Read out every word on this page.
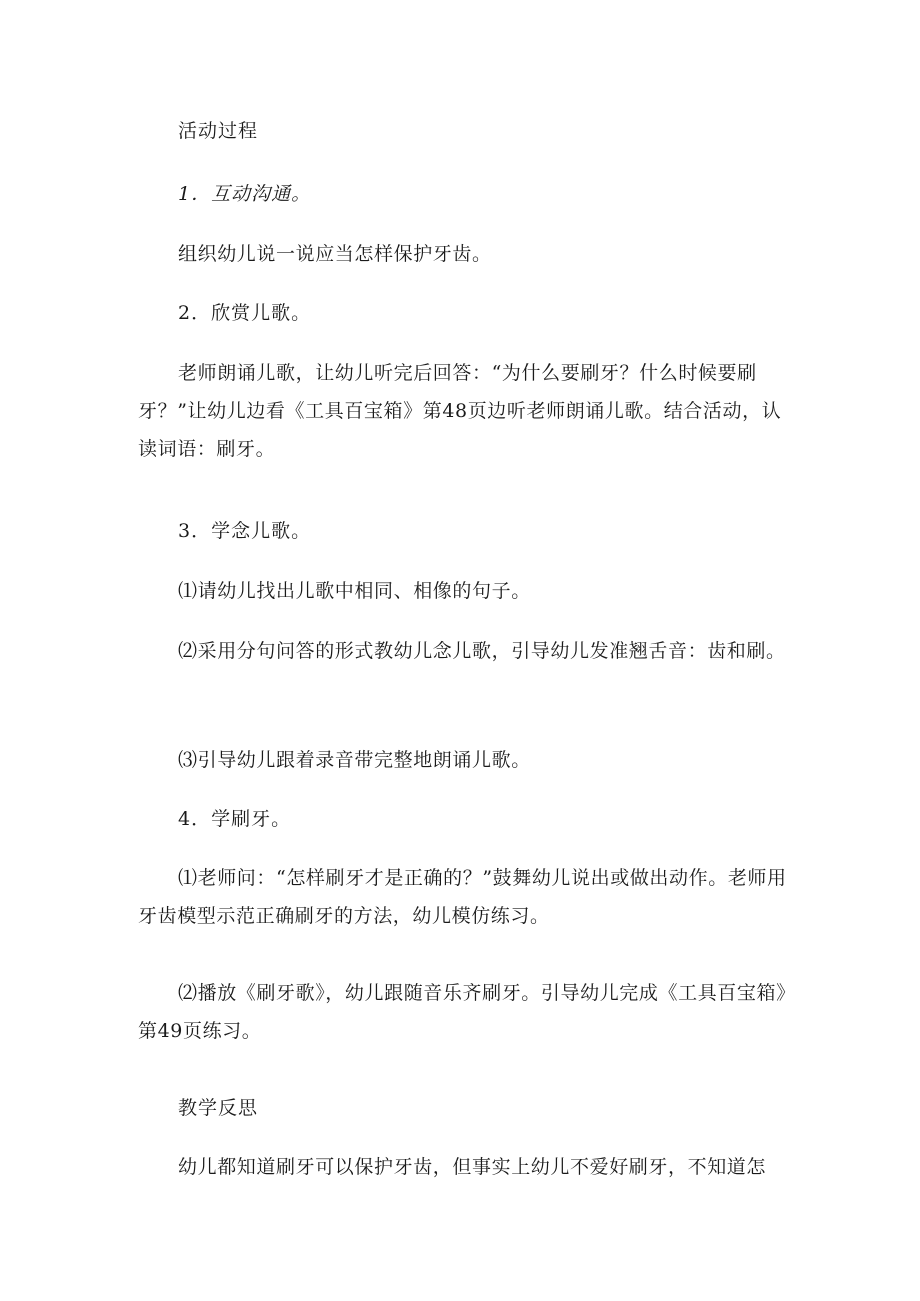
活动过程
1．互动沟通。
组织幼儿说一说应当怎样保护牙齿。
2．欣赏儿歌。
老师朗诵儿歌，让幼儿听完后回答：“为什么要刷牙？什么时候要刷牙？”让幼儿边看《工具百宝箱》第48页边听老师朗诵儿歌。结合活动，认读词语：刷牙。
3．学念儿歌。
⑴请幼儿找出儿歌中相同、相像的句子。
⑵采用分句问答的形式教幼儿念儿歌，引导幼儿发准翘舌音：齿和刷。
⑶引导幼儿跟着录音带完整地朗诵儿歌。
4．学刷牙。
⑴老师问：“怎样刷牙才是正确的？”鼓舞幼儿说出或做出动作。老师用牙齿模型示范正确刷牙的方法，幼儿模仿练习。
⑵播放《刷牙歌》，幼儿跟随音乐齐刷牙。引导幼儿完成《工具百宝箱》第49页练习。
教学反思
幼儿都知道刷牙可以保护牙齿，但事实上幼儿不爱好刷牙，不知道怎
